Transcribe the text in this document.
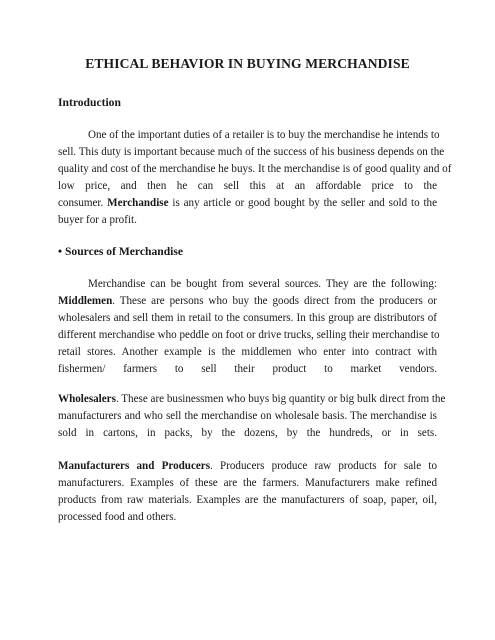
ETHICAL BEHAVIOR IN BUYING MERCHANDISE
Introduction
One of the important duties of a retailer is to buy the merchandise he intends to
sell. This duty is important because much of the success of his business depends on the
quality and cost of the merchandise he buys. It the merchandise is of good quality and of
low price, and then he can sell this at an affordable price to the
consumer. Merchandise is any article or good bought by the seller and sold to the
buyer for a profit.
• Sources of Merchandise
Merchandise can be bought from several sources. They are the following:
Middlemen. These are persons who buy the goods direct from the producers or
wholesalers and sell them in retail to the consumers. In this group are distributors of
different merchandise who peddle on foot or drive trucks, selling their merchandise to
retail stores. Another example is the middlemen who enter into contract with
fishermen/ farmers to sell their product to market vendors.
Wholesalers. These are businessmen who buys big quantity or big bulk direct from the
manufacturers and who sell the merchandise on wholesale basis. The merchandise is
sold in cartons, in packs, by the dozens, by the hundreds, or in sets.
Manufacturers and Producers. Producers produce raw products for sale to
manufacturers. Examples of these are the farmers. Manufacturers make refined
products from raw materials. Examples are the manufacturers of soap, paper, oil,
processed food and others.
